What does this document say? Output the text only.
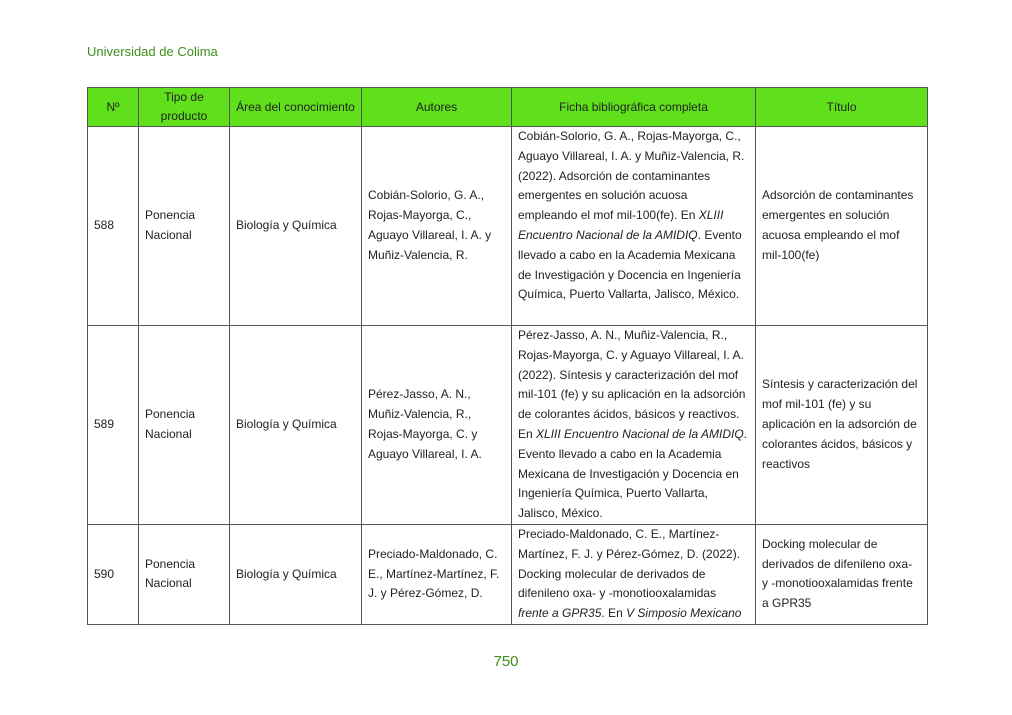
Universidad de Colima
Nº	Tipo de producto	Área del conocimiento	Autores	Ficha bibliográfica completa	Título
588	Ponencia Nacional	Biología y Química	Cobián-Solorio, G. A., Rojas-Mayorga, C., Aguayo Villareal, I. A. y Muñiz-Valencia, R.	Cobián-Solorio, G. A., Rojas-Mayorga, C., Aguayo Villareal, I. A. y Muñiz-Valencia, R. (2022). Adsorción de contaminantes emergentes en solución acuosa empleando el mof mil-100(fe). En XLIII Encuentro Nacional de la AMIDIQ. Evento llevado a cabo en la Academia Mexicana de Investigación y Docencia en Ingeniería Química, Puerto Vallarta, Jalisco, México.	Adsorción de contaminantes emergentes en solución acuosa empleando el mof mil-100(fe)
589	Ponencia Nacional	Biología y Química	Pérez-Jasso, A. N., Muñiz-Valencia, R., Rojas-Mayorga, C. y Aguayo Villareal, I. A.	Pérez-Jasso, A. N., Muñiz-Valencia, R., Rojas-Mayorga, C. y Aguayo Villareal, I. A. (2022). Síntesis y caracterización del mof mil-101 (fe) y su aplicación en la adsorción de colorantes ácidos, básicos y reactivos. En XLIII Encuentro Nacional de la AMIDIQ. Evento llevado a cabo en la Academia Mexicana de Investigación y Docencia en Ingeniería Química, Puerto Vallarta, Jalisco, México.	Síntesis y caracterización del mof mil-101 (fe) y su aplicación en la adsorción de colorantes ácidos, básicos y reactivos
590	Ponencia Nacional	Biología y Química	Preciado-Maldonado, C. E., Martínez-Martínez, F. J. y Pérez-Gómez, D.	Preciado-Maldonado, C. E., Martínez-Martínez, F. J. y Pérez-Gómez, D. (2022). Docking molecular de derivados de difenileno oxa- y -monotiooxalamidas frente a GPR35. En V Simposio Mexicano	Docking molecular de derivados de difenileno oxa- y -monotiooxalamidas frente a GPR35
750
